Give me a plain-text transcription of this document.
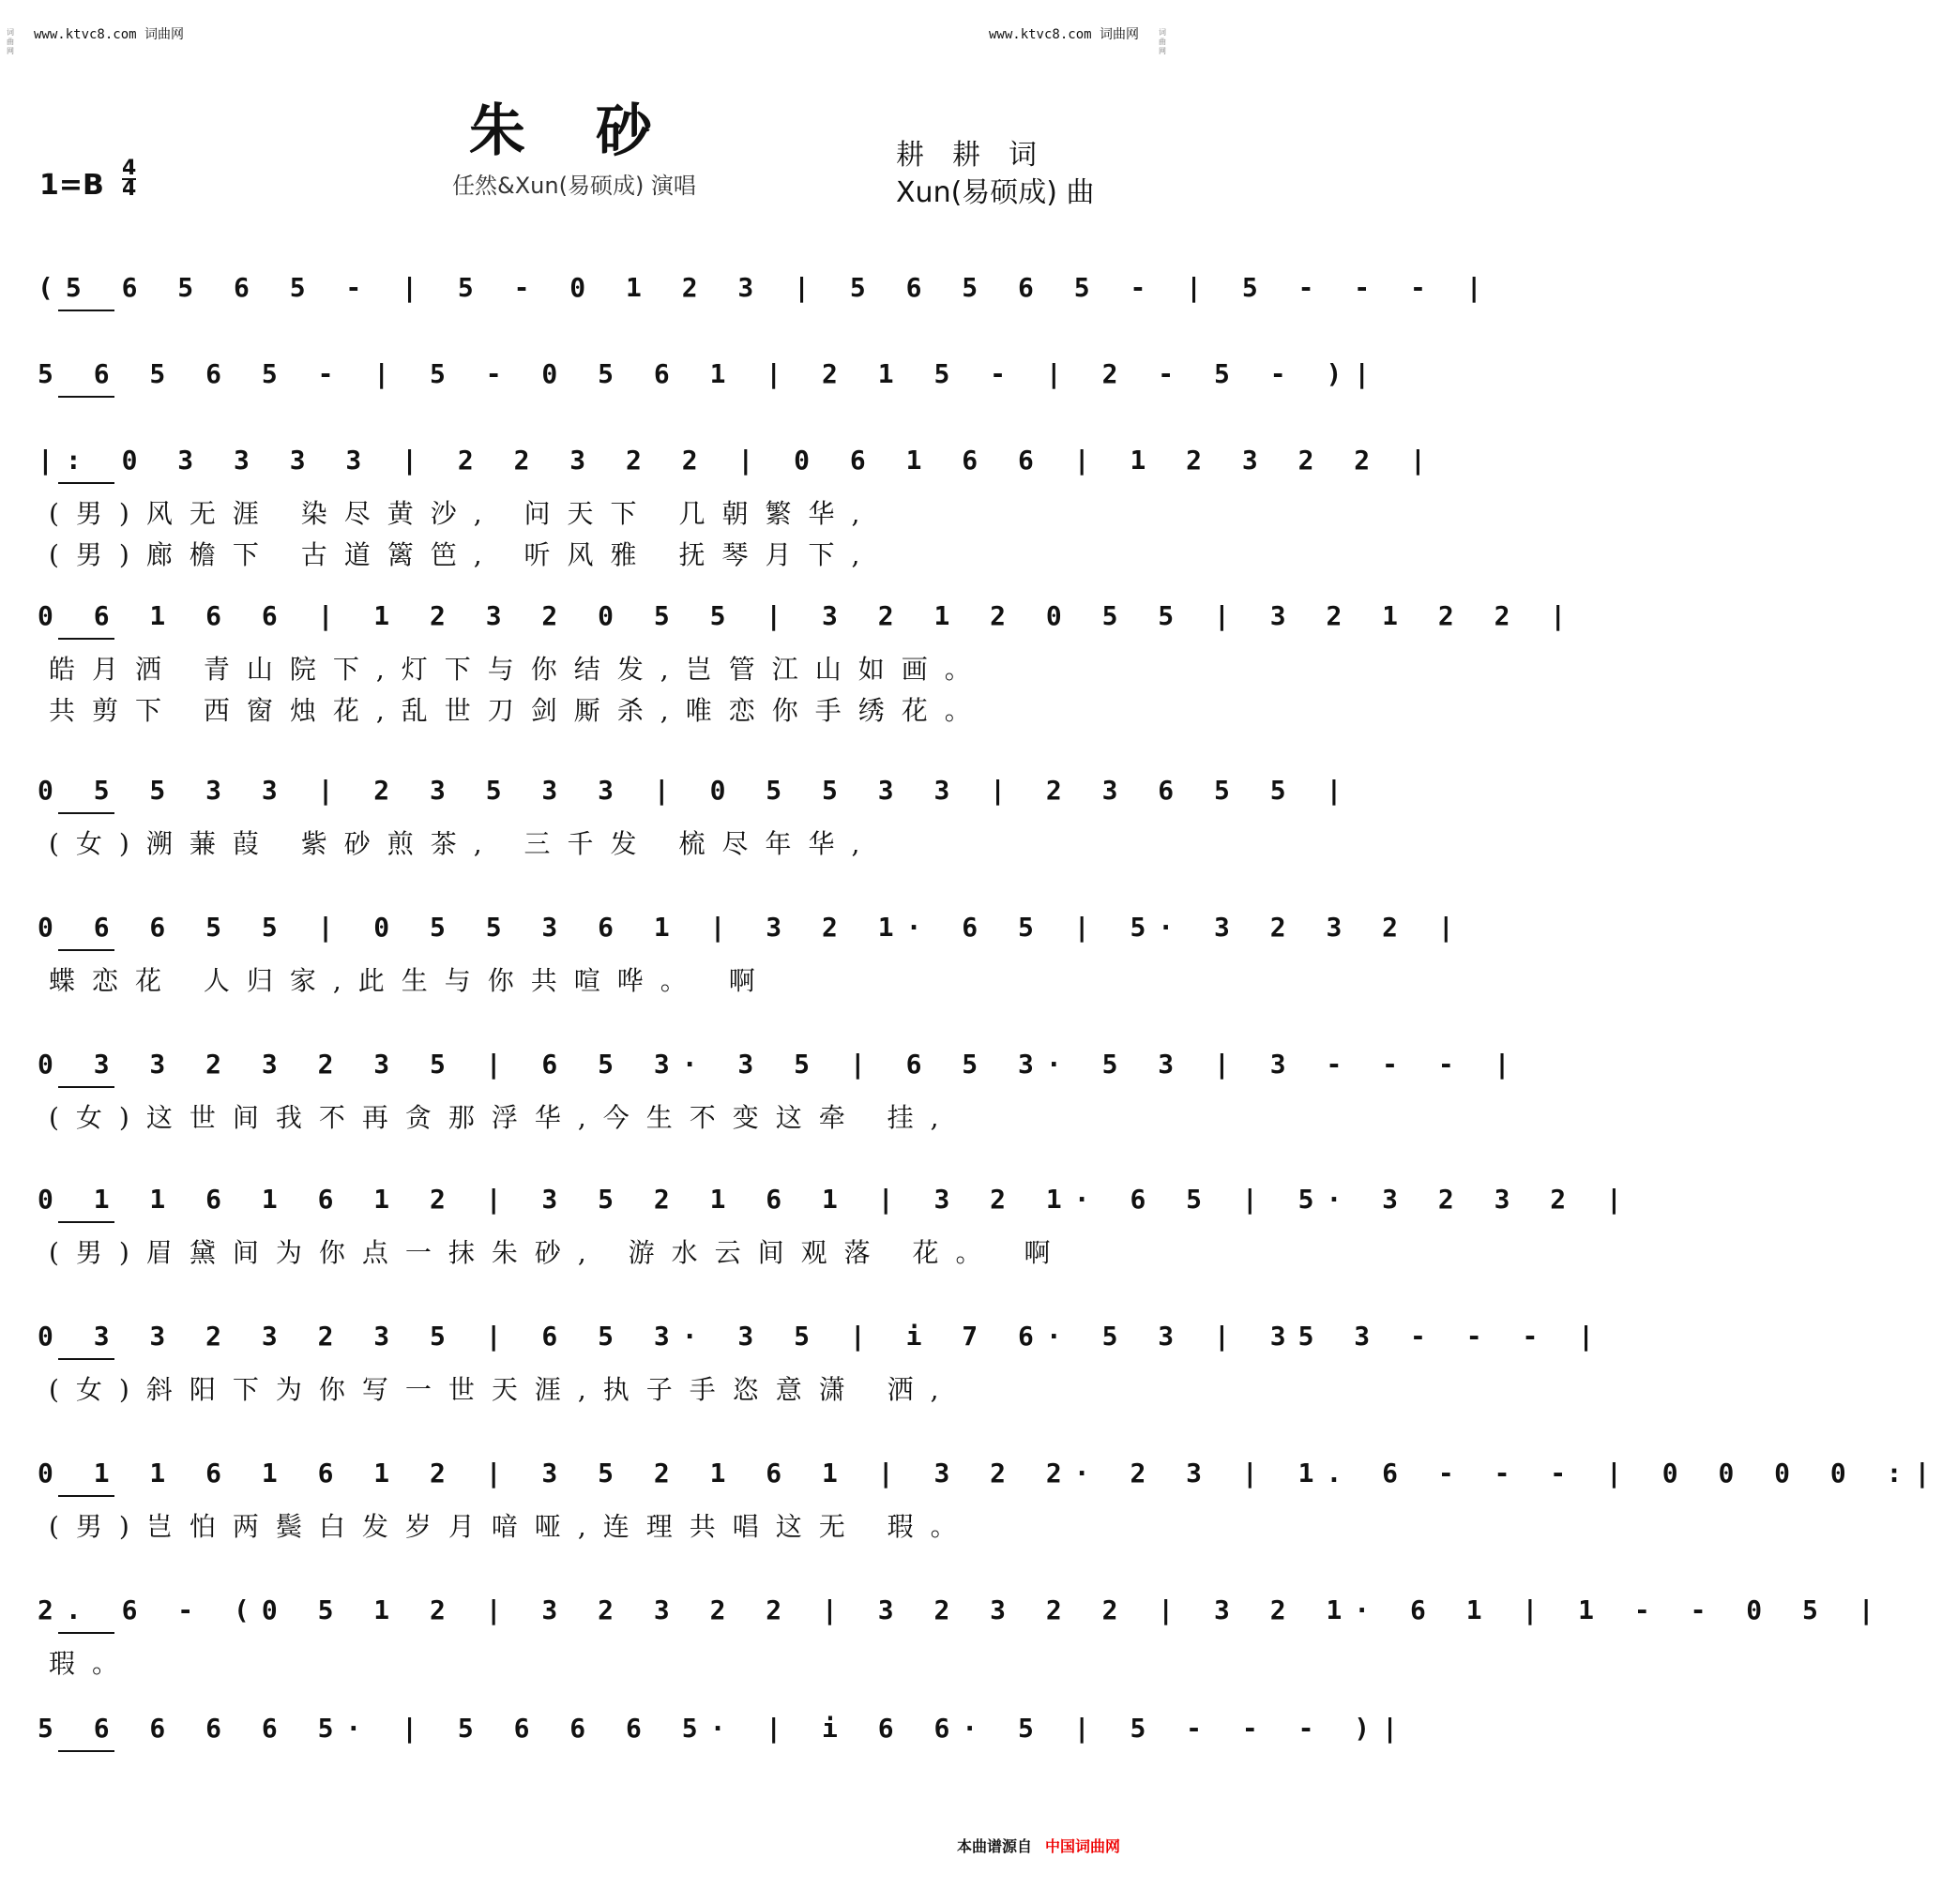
www.ktvc8.com 词曲网	www.ktvc8.com 词曲网
词曲网
词曲网
朱砂
任然&Xun(易硕成) 演唱
耕耕词
Xun(易硕成) 曲
1=B
4
4
(5 6 5 6 5 - | 5 - 0 1 2 3 | 5 6 5 6 5 - | 5 - - - |
5 6 5 6 5 - | 5 - 0 5 6 1 | 2 1 5 - | 2 - 5 - )|
|: 0 3 3 3 3 | 2 2 3 2 2 | 0 6 1 6 6 | 1 2 3 2 2 |
(男)风无涯 染尽黄沙, 问天下 几朝繁华,
(男)廊檐下 古道篱笆, 听风雅 抚琴月下,
0 6 1 6 6 | 1 2 3 2 0 5 5 | 3 2 1 2 0 5 5 | 3 2 1 2 2 |
皓月洒 青山院下,灯下与你结发,岂管江山如画。
共剪下 西窗烛花,乱世刀剑厮杀,唯恋你手绣花。
0 5 5 3 3 | 2 3 5 3 3 | 0 5 5 3 3 | 2 3 6 5 5 |
(女)溯蒹葭 紫砂煎茶, 三千发 梳尽年华,
0 6 6 5 5 | 0 5 5 3 6 1 | 3 2 1· 6 5 | 5· 3 2 3 2 |
蝶恋花 人归家,此生与你共喧哗。 啊
0 3 3 2 3 2 3 5 | 6 5 3· 3 5 | 6 5 3· 5 3 | 3 - - - |
(女)这世间我不再贪那浮华,今生不变这牵 挂,
0 1 1 6 1 6 1 2 | 3 5 2 1 6 1 | 3 2 1· 6 5 | 5· 3 2 3 2 |
(男)眉黛间为你点一抹朱砂, 游水云间观落 花。 啊
0 3 3 2 3 2 3 5 | 6 5 3· 3 5 | i 7 6· 5 3 | 35 3 - - - |
(女)斜阳下为你写一世天涯,执子手恣意潇 洒,
0 1 1 6 1 6 1 2 | 3 5 2 1 6 1 | 3 2 2· 2 3 | 1. 6 - - - | 0 0 0 0 :|
(男)岂怕两鬓白发岁月喑哑,连理共唱这无 瑕。
2. 6 - (0 5 1 2 | 3 2 3 2 2 | 3 2 3 2 2 | 3 2 1· 6 1 | 1 - - 0 5 |
瑕。
5 6 6 6 6 5· | 5 6 6 6 5· | i 6 6· 5 | 5 - - - )|
本曲谱源自 中国词曲网
